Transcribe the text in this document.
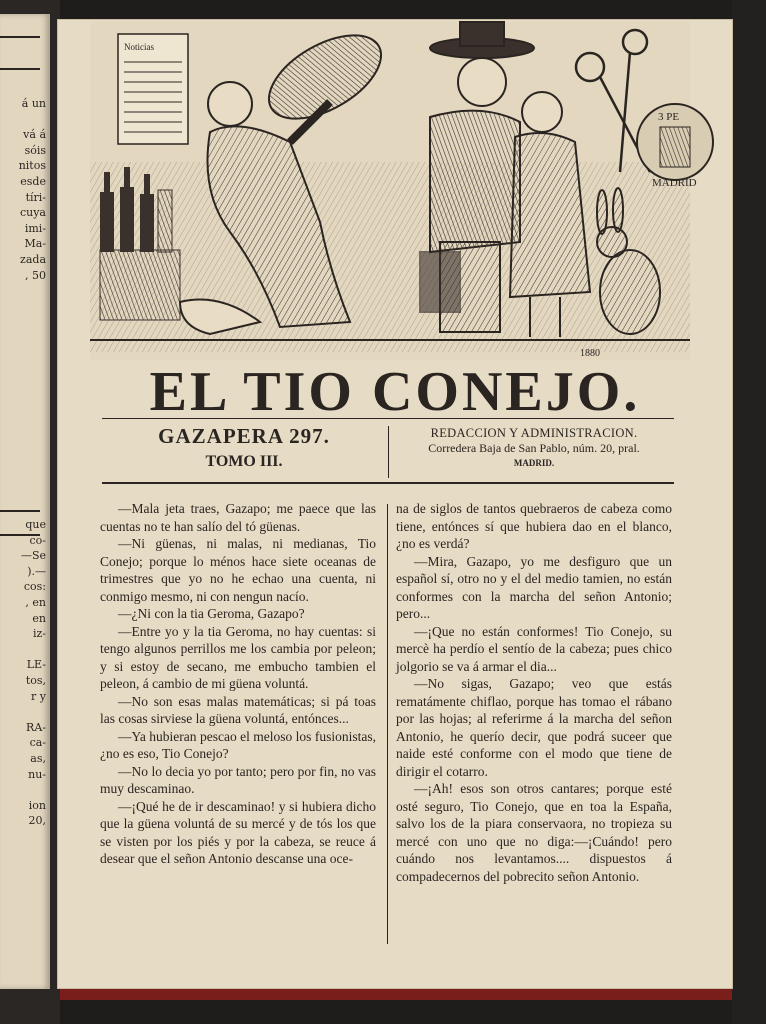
á un

vá á
sóis
nitos
esde
tíri-
cuya
imi-
Ma-
zada
, 50

que
co-
—Se
).—
cos:
, en
en
iz-

LE-
tos,
r y

RA-
ca-
as,
nu-

ion
20,
Noticias
3 PE
MADRID
1880
EL TIO CONEJO.
GAZAPERA 297.
TOMO III.
REDACCION Y ADMINISTRACION.
Corredera Baja de San Pablo, núm. 20, pral.
MADRID.

—Mala jeta traes, Gazapo; me paece que las cuentas no te han salío del tó güenas.

—Ni güenas, ni malas, ni medianas, Tio Conejo; porque lo ménos hace siete oceanas de trimestres que yo no he echao una cuenta, ni conmigo mesmo, ni con nengun nacío.

—¿Ni con la tia Geroma, Gazapo?

—Entre yo y la tia Geroma, no hay cuentas: si tengo algunos perrillos me los cambia por peleon; y si estoy de secano, me embucho tambien el peleon, á cambio de mi güena voluntá.

—No son esas malas matemáticas; si pá toas las cosas sirviese la güena voluntá, entónces...

—Ya hubieran pescao el meloso los fusionistas, ¿no es eso, Tio Conejo?

—No lo decia yo por tanto; pero por fin, no vas muy descaminao.

—¡Qué he de ir descaminao! y si hubiera dicho que la güena voluntá de su mercé y de tós los que se visten por los piés y por la cabeza, se reuce á desear que el señon Antonio descanse una oce-

na de siglos de tantos quebraeros de cabeza como tiene, entónces sí que hubiera dao en el blanco, ¿no es verdá?

—Mira, Gazapo, yo me desfiguro que un español sí, otro no y el del medio tamien, no están conformes con la marcha del señon Antonio; pero...

—¡Que no están conformes! Tio Conejo, su mercè ha perdío el sentío de la cabeza; pues chico jolgorio se va á armar el dia...

—No sigas, Gazapo; veo que estás rematámente chiflao, porque has tomao el rábano por las hojas; al referirme á la marcha del señon Antonio, he querío decir, que podrá suceer que naide esté conforme con el modo que tiene de dirigir el cotarro.

—¡Ah! esos son otros cantares; porque esté osté seguro, Tio Conejo, que en toa la España, salvo los de la piara conservaora, no tropieza su mercé con uno que no diga:—¡Cuándo! pero cuándo nos levantamos.... dispuestos á compadecernos del pobrecito señon Antonio.
